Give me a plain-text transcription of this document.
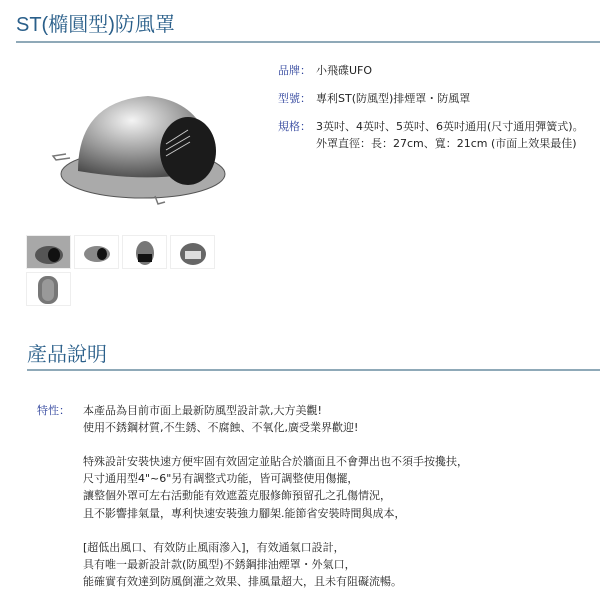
ST(橢圓型)防風罩
品牌： 小飛碟UFO
型號： 專利ST(防風型)排煙罩・防風罩
規格： 3英吋、4英吋、5英吋、6英吋通用(尺寸通用彈簧式)。
外罩直徑：長：27cm、寬：21cm (市面上效果最佳)
產品說明
特性： 本產品為目前市面上最新防風型設計款,大方美觀!
使用不銹鋼材質,不生銹、不腐蝕、不氧化,廣受業界歡迎!
特殊設計安裝快速方便牢固有效固定並貼合於牆面且不會彈出也不須手按攙扶，
尺寸通用型4"~6"另有調整式功能，皆可調整使用傷擺，
讓整個外罩可左右活動能有效遮蓋克服修飾預留孔之孔傷情況，
且不影響排氣量，專利快速安裝強力腳架.能節省安裝時間與成本，
[超低出風口、有效防止風雨滲入]，有效通氣口設計，
具有唯一最新設計款(防風型)不銹鋼排油煙罩・外氣口，
能確實有效達到防風倒灌之效果、排風量超大，且未有阻礙流暢。
